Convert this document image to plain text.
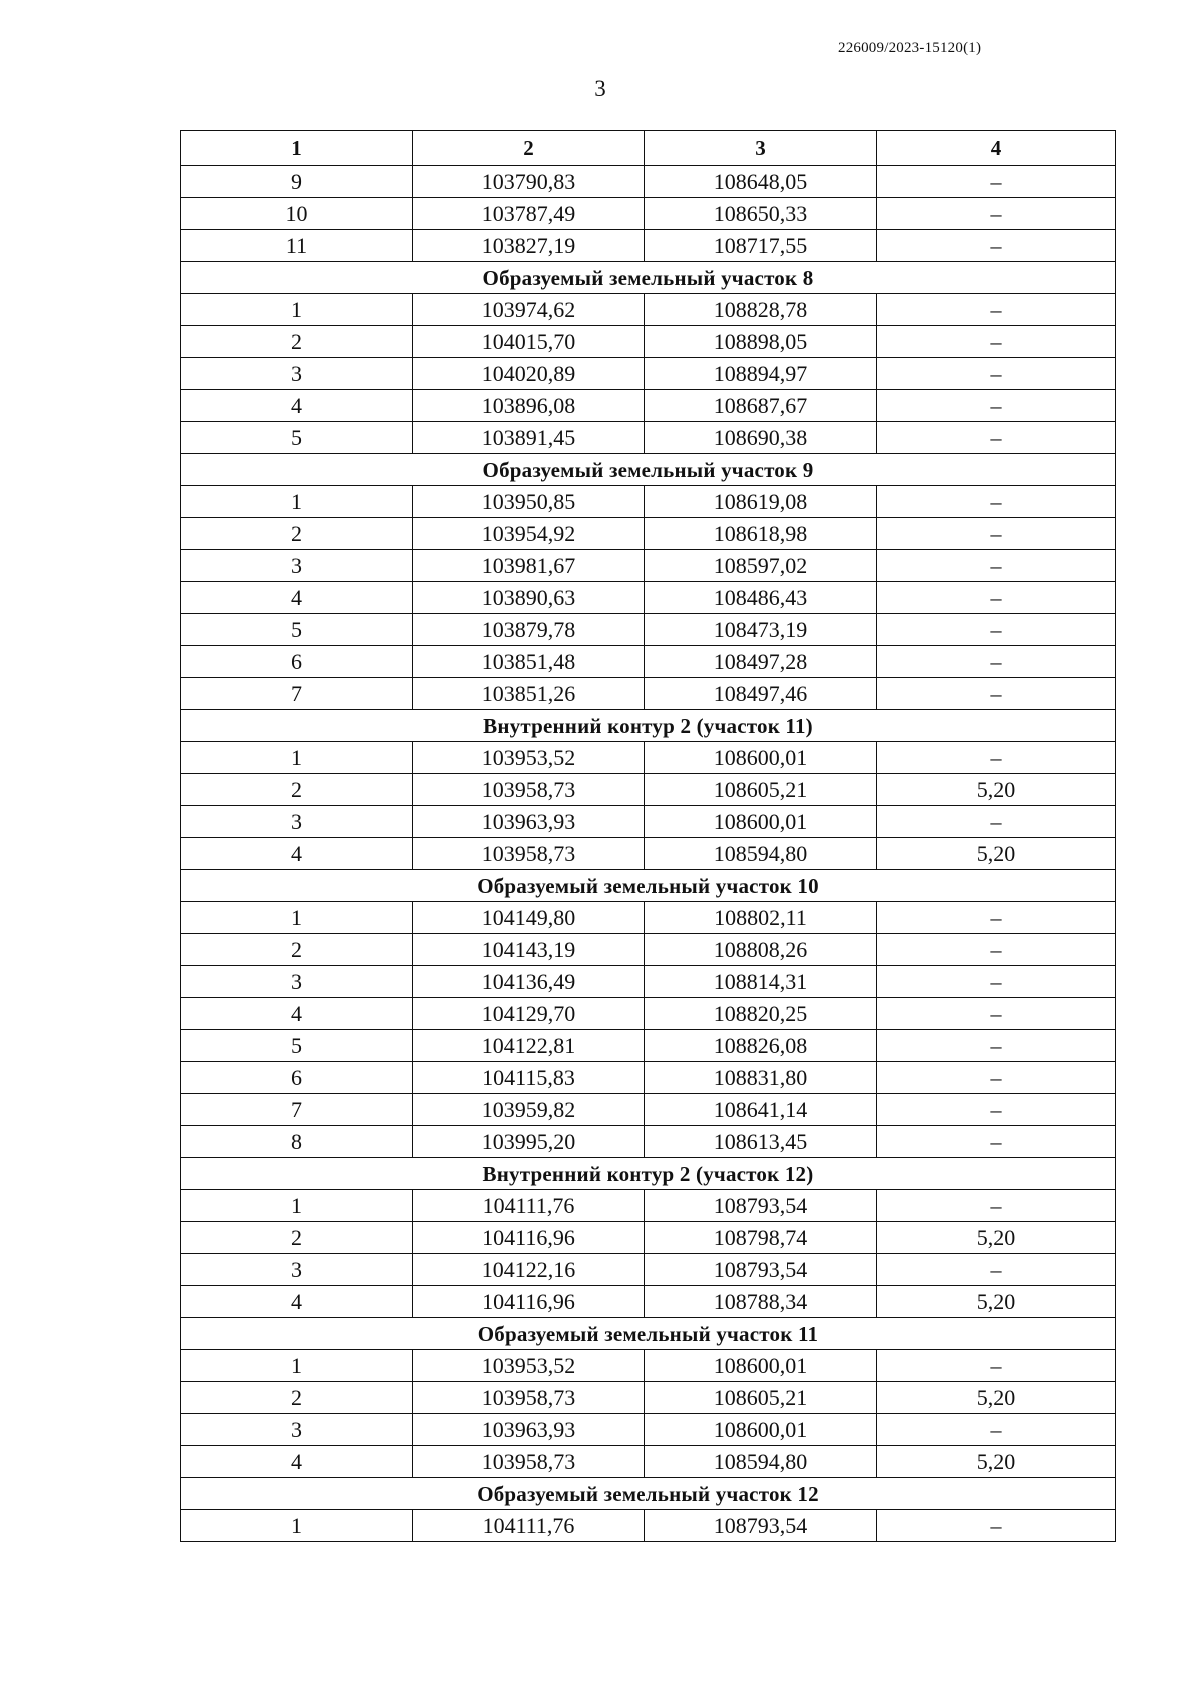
226009/2023-15120(1)
3
1	2	3	4
9	103790,83	108648,05	–
10	103787,49	108650,33	–
11	103827,19	108717,55	–
Образуемый земельный участок 8			
1	103974,62	108828,78	–
2	104015,70	108898,05	–
3	104020,89	108894,97	–
4	103896,08	108687,67	–
5	103891,45	108690,38	–
Образуемый земельный участок 9			
1	103950,85	108619,08	–
2	103954,92	108618,98	–
3	103981,67	108597,02	–
4	103890,63	108486,43	–
5	103879,78	108473,19	–
6	103851,48	108497,28	–
7	103851,26	108497,46	–
Внутренний контур 2 (участок 11)			
1	103953,52	108600,01	–
2	103958,73	108605,21	5,20
3	103963,93	108600,01	–
4	103958,73	108594,80	5,20
Образуемый земельный участок 10			
1	104149,80	108802,11	–
2	104143,19	108808,26	–
3	104136,49	108814,31	–
4	104129,70	108820,25	–
5	104122,81	108826,08	–
6	104115,83	108831,80	–
7	103959,82	108641,14	–
8	103995,20	108613,45	–
Внутренний контур 2 (участок 12)			
1	104111,76	108793,54	–
2	104116,96	108798,74	5,20
3	104122,16	108793,54	–
4	104116,96	108788,34	5,20
Образуемый земельный участок 11			
1	103953,52	108600,01	–
2	103958,73	108605,21	5,20
3	103963,93	108600,01	–
4	103958,73	108594,80	5,20
Образуемый земельный участок 12			
1	104111,76	108793,54	–
